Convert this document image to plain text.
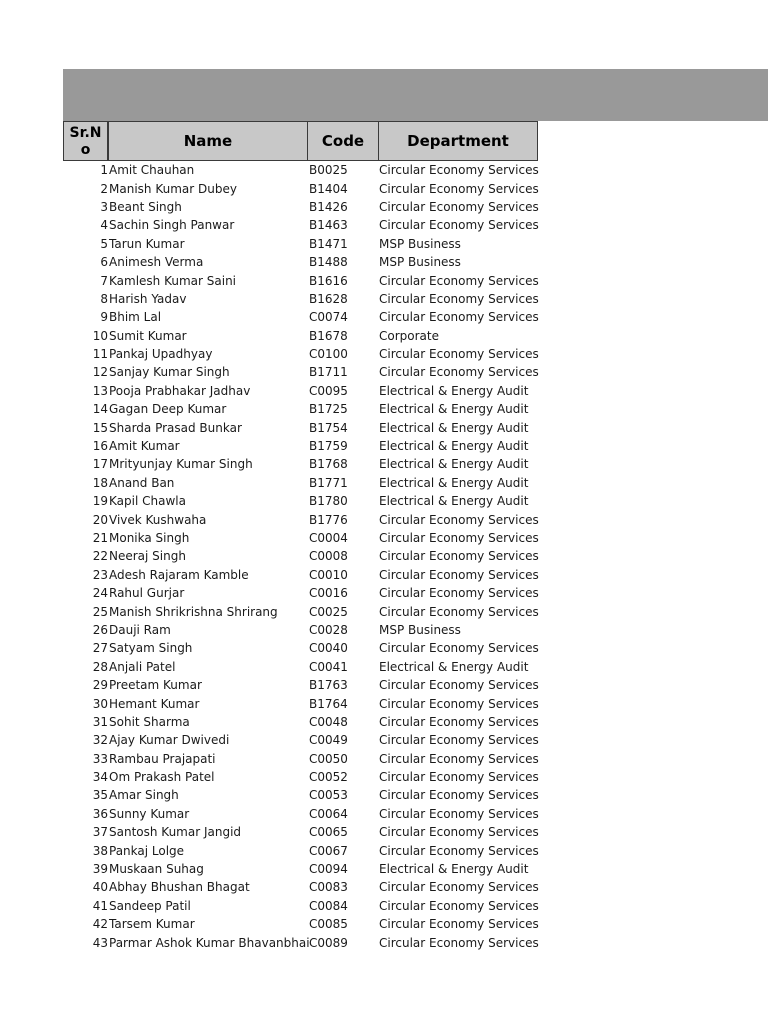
Sr.N
o	Name	Code	Department
1 Amit Chauhan	B0025	Circular Economy Services
2 Manish Kumar Dubey	B1404	Circular Economy Services
3 Beant Singh	B1426	Circular Economy Services
4 Sachin Singh Panwar	B1463	Circular Economy Services
5 Tarun Kumar	B1471	MSP Business
6 Animesh Verma	B1488	MSP Business
7 Kamlesh Kumar Saini	B1616	Circular Economy Services
8 Harish Yadav	B1628	Circular Economy Services
9 Bhim Lal	C0074	Circular Economy Services
10 Sumit Kumar	B1678	Corporate
11 Pankaj Upadhyay	C0100	Circular Economy Services
12 Sanjay Kumar Singh	B1711	Circular Economy Services
13 Pooja Prabhakar Jadhav	C0095	Electrical & Energy Audit
14 Gagan Deep Kumar	B1725	Electrical & Energy Audit
15 Sharda Prasad Bunkar	B1754	Electrical & Energy Audit
16 Amit Kumar	B1759	Electrical & Energy Audit
17 Mrityunjay Kumar Singh	B1768	Electrical & Energy Audit
18 Anand Ban	B1771	Electrical & Energy Audit
19 Kapil Chawla	B1780	Electrical & Energy Audit
20 Vivek Kushwaha	B1776	Circular Economy Services
21 Monika Singh	C0004	Circular Economy Services
22 Neeraj Singh	C0008	Circular Economy Services
23 Adesh Rajaram Kamble	C0010	Circular Economy Services
24 Rahul Gurjar	C0016	Circular Economy Services
25 Manish Shrikrishna Shrirang	C0025	Circular Economy Services
26 Dauji Ram	C0028	MSP Business
27 Satyam Singh	C0040	Circular Economy Services
28 Anjali Patel	C0041	Electrical & Energy Audit
29 Preetam Kumar	B1763	Circular Economy Services
30 Hemant Kumar	B1764	Circular Economy Services
31 Sohit Sharma	C0048	Circular Economy Services
32 Ajay Kumar Dwivedi	C0049	Circular Economy Services
33 Rambau Prajapati	C0050	Circular Economy Services
34 Om Prakash Patel	C0052	Circular Economy Services
35 Amar Singh	C0053	Circular Economy Services
36 Sunny Kumar	C0064	Circular Economy Services
37 Santosh Kumar Jangid	C0065	Circular Economy Services
38 Pankaj Lolge	C0067	Circular Economy Services
39 Muskaan Suhag	C0094	Electrical & Energy Audit
40 Abhay Bhushan Bhagat	C0083	Circular Economy Services
41 Sandeep Patil	C0084	Circular Economy Services
42 Tarsem Kumar	C0085	Circular Economy Services
43 Parmar Ashok Kumar Bhavanbhai C0089	Circular Economy Services
